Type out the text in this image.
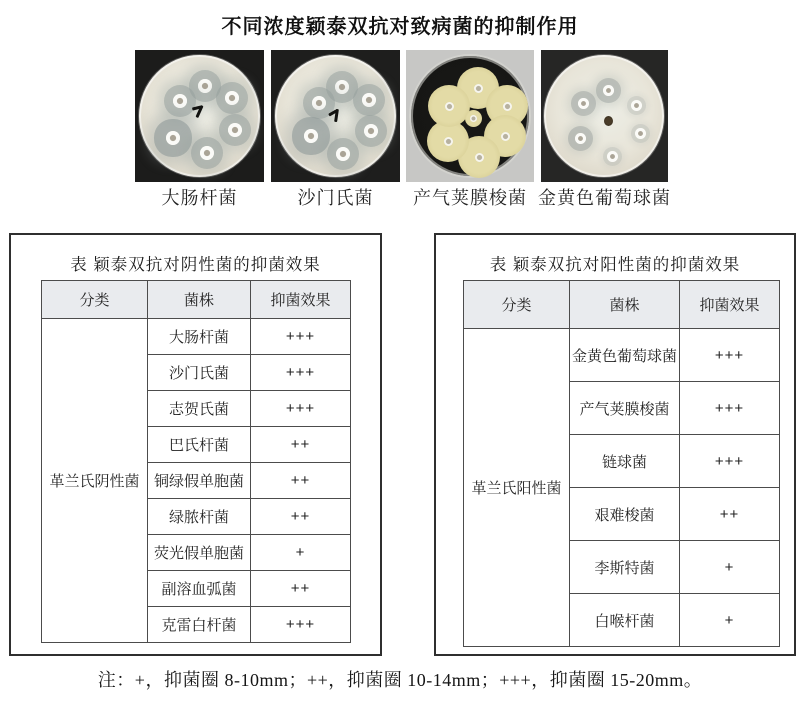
不同浓度颖泰双抗对致病菌的抑制作用
大肠杆菌	沙门氏菌	产气荚膜梭菌 金黄色葡萄球菌
表 颖泰双抗对阴性菌的抑菌效果
分类	菌株	抑菌效果
革兰氏阴性菌	大肠杆菌	+++
	沙门氏菌	+++
	志贺氏菌	+++
	巴氏杆菌	++
	铜绿假单胞菌	++
	绿脓杆菌	++
	荧光假单胞菌	+
	副溶血弧菌	++
	克雷白杆菌	+++
表 颖泰双抗对阳性菌的抑菌效果
分类	菌株	抑菌效果
革兰氏阳性菌	金黄色葡萄球菌	+++
	产气荚膜梭菌	+++
	链球菌	+++
	艰难梭菌	++
	李斯特菌	+
	白喉杆菌	+

注：+，抑菌圈 8-10mm；++，抑菌圈 10-14mm；+++，抑菌圈 15-20mm。
